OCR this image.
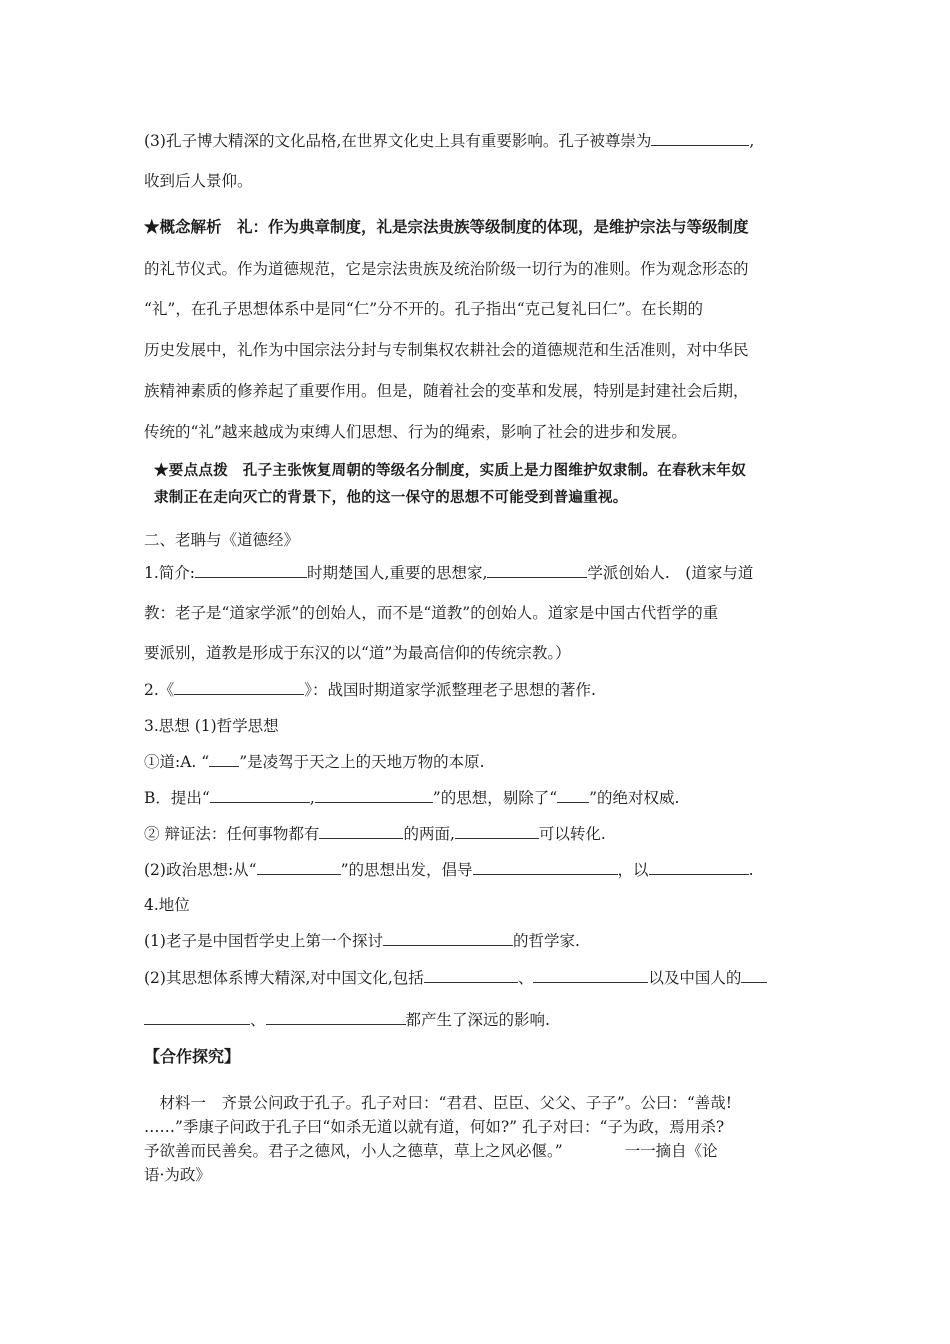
(3)孔子博大精深的文化品格,在世界文化史上具有重要影响。孔子被尊崇为	,
收到后人景仰。
★概念解析　 礼：作为典章制度，礼是宗法贵族等级制度的体现，是维护宗法与等级制度
的礼节仪式。作为道德规范，它是宗法贵族及统治阶级一切行为的准则。作为观念形态的
“礼”，在孔子思想体系中是同“仁”分不开的。孔子指出“克己复礼曰仁”。在长期的
历史发展中，礼作为中国宗法分封与专制集权农耕社会的道德规范和生活准则，对中华民
族精神素质的修养起了重要作用。但是，随着社会的变革和发展，特别是封建社会后期，
传统的“礼”越来越成为束缚人们思想、行为的绳索，影响了社会的进步和发展。
★要点点拨　孔子主张恢复周朝的等级名分制度，实质上是力图维护奴隶制。在春秋末年奴
隶制正在走向灭亡的背景下，他的这一保守的思想不可能受到普遍重视。
二、老聃与《道德经》
1.简介:	时期楚国人,重要的思想家,	学派创始人.　(道家与道
教：老子是“道家学派”的创始人，而不是“道教”的创始人。道家是中国古代哲学的重
要派别，道教是形成于东汉的以“道”为最高信仰的传统宗教。）
2.《	》：战国时期道家学派整理老子思想的著作.
3.思想 (1)哲学思想
①道:A. “ ”是凌驾于天之上的天地万物的本原.
B．提出“	,	”的思想，剔除了“ ”的绝对权威.
② 辩证法：任何事物都有	的两面,	可以转化.
(2)政治思想:从“	”的思想出发，倡导	，以	.
4.地位
(1)老子是中国哲学史上第一个探讨	的哲学家.
(2)其思想体系博大精深,对中国文化,包括	、	以及中国人的
、	都产生了深远的影响.
【合作探究】
　材料一　齐景公问政于孔子。孔子对曰：“君君、臣臣、父父、子子”。公曰：“善哉!
……”季康子问政于孔子曰“如杀无道以就有道，何如?” 孔子对曰：“子为政，焉用杀?
予欲善而民善矣。君子之德风，小人之德草，草上之风必偃。”　　　　一一摘自《论
语·为政》
